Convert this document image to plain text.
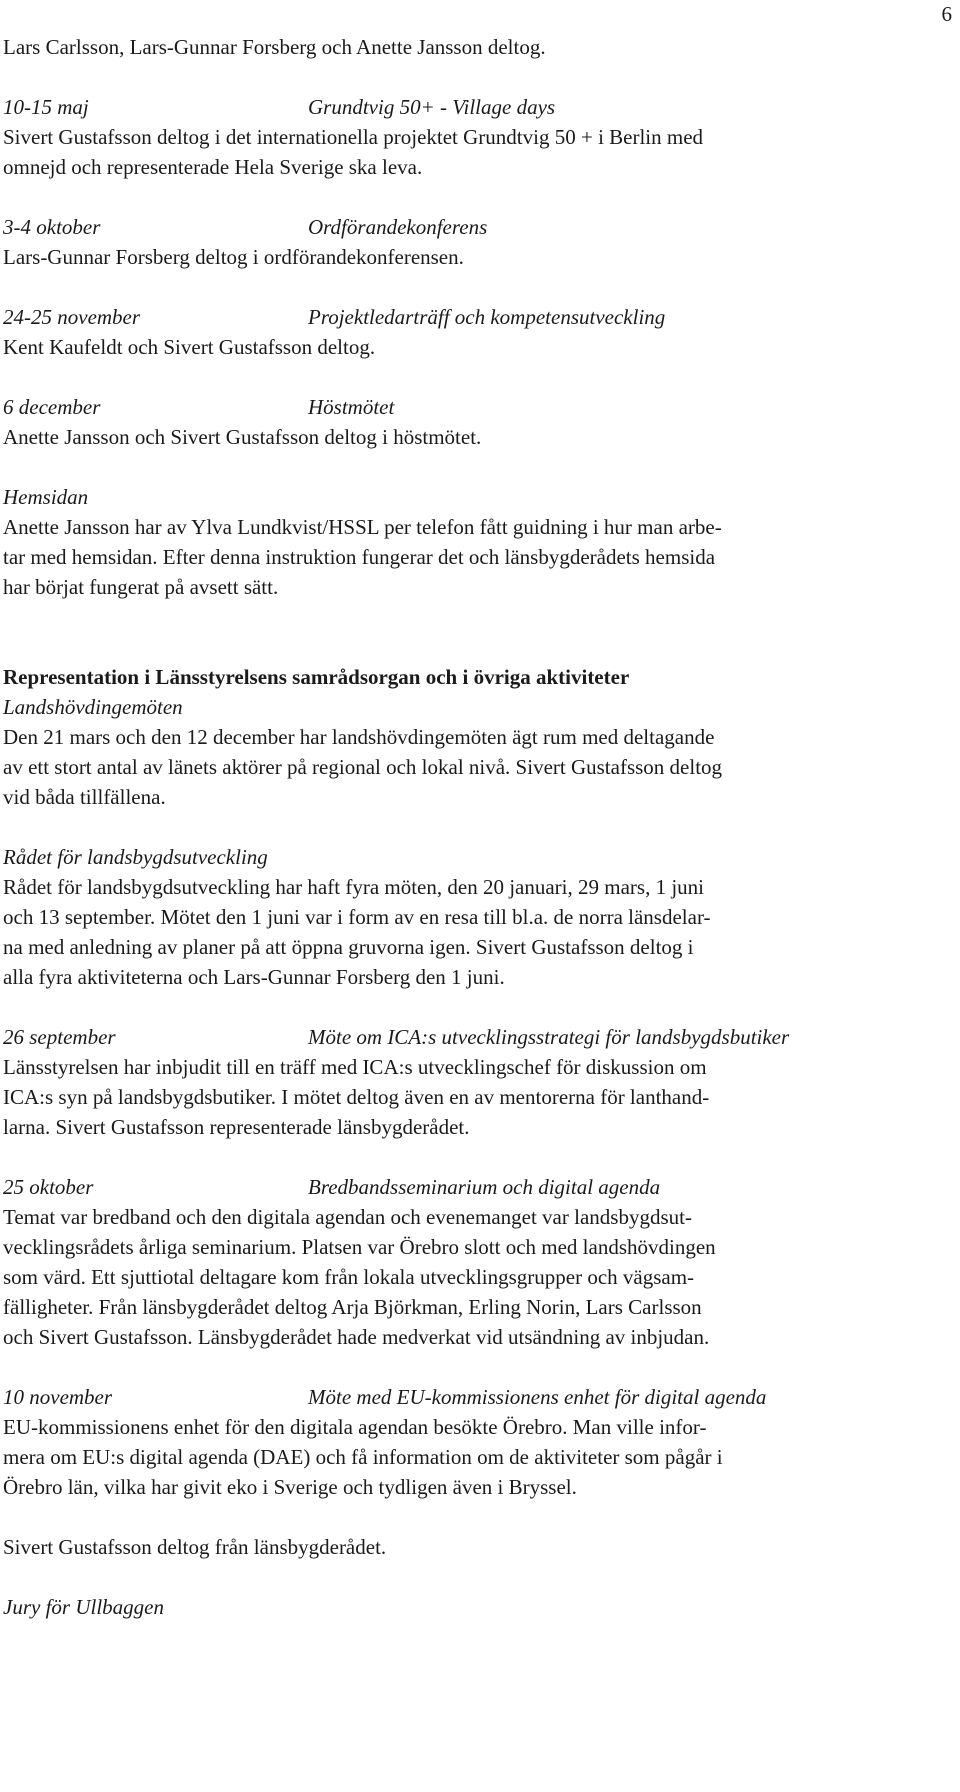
6

Lars Carlsson, Lars-Gunnar Forsberg och Anette Jansson deltog.

10-15 maj	Grundtvig 50+ - Village days

Sivert Gustafsson deltog i det internationella projektet Grundtvig 50 + i Berlin med

omnejd och representerade Hela Sverige ska leva.

3-4 oktober	Ordförandekonferens

Lars-Gunnar Forsberg deltog i ordförandekonferensen.

24-25 november	Projektledarträff och kompetensutveckling

Kent Kaufeldt och Sivert Gustafsson deltog.

6 december	Höstmötet

Anette Jansson och Sivert Gustafsson deltog i höstmötet.

Hemsidan

Anette Jansson har av Ylva Lundkvist/HSSL per telefon fått guidning i hur man arbe-

tar med hemsidan. Efter denna instruktion fungerar det och länsbygderådets hemsida

har börjat fungerat på avsett sätt.

Representation i Länsstyrelsens samrådsorgan och i övriga aktiviteter

Landshövdingemöten

Den 21 mars och den 12 december har landshövdingemöten ägt rum med deltagande

av ett stort antal av länets aktörer på regional och lokal nivå. Sivert Gustafsson deltog

vid båda tillfällena.

Rådet för landsbygdsutveckling

Rådet för landsbygdsutveckling har haft fyra möten, den 20 januari, 29 mars, 1 juni

och 13 september. Mötet den 1 juni var i form av en resa till bl.a. de norra länsdelar-

na med anledning av planer på att öppna gruvorna igen. Sivert Gustafsson deltog i

alla fyra aktiviteterna och Lars-Gunnar Forsberg den 1 juni.

26 september	Möte om ICA:s utvecklingsstrategi för landsbygdsbutiker

Länsstyrelsen har inbjudit till en träff med ICA:s utvecklingschef för diskussion om

ICA:s syn på landsbygdsbutiker. I mötet deltog även en av mentorerna för lanthand-

larna. Sivert Gustafsson representerade länsbygderådet.

25 oktober	Bredbandsseminarium och digital agenda

Temat var bredband och den digitala agendan och evenemanget var landsbygdsut-

vecklingsrådets årliga seminarium. Platsen var Örebro slott och med landshövdingen

som värd. Ett sjuttiotal deltagare kom från lokala utvecklingsgrupper och vägsam-

fälligheter. Från länsbygderådet deltog Arja Björkman, Erling Norin, Lars Carlsson

och Sivert Gustafsson. Länsbygderådet hade medverkat vid utsändning av inbjudan.

10 november	Möte med EU-kommissionens enhet för digital agenda

EU-kommissionens enhet för den digitala agendan besökte Örebro. Man ville infor-

mera om EU:s digital agenda (DAE) och få information om de aktiviteter som pågår i

Örebro län, vilka har givit eko i Sverige och tydligen även i Bryssel.

Sivert Gustafsson deltog från länsbygderådet.

Jury för Ullbaggen
